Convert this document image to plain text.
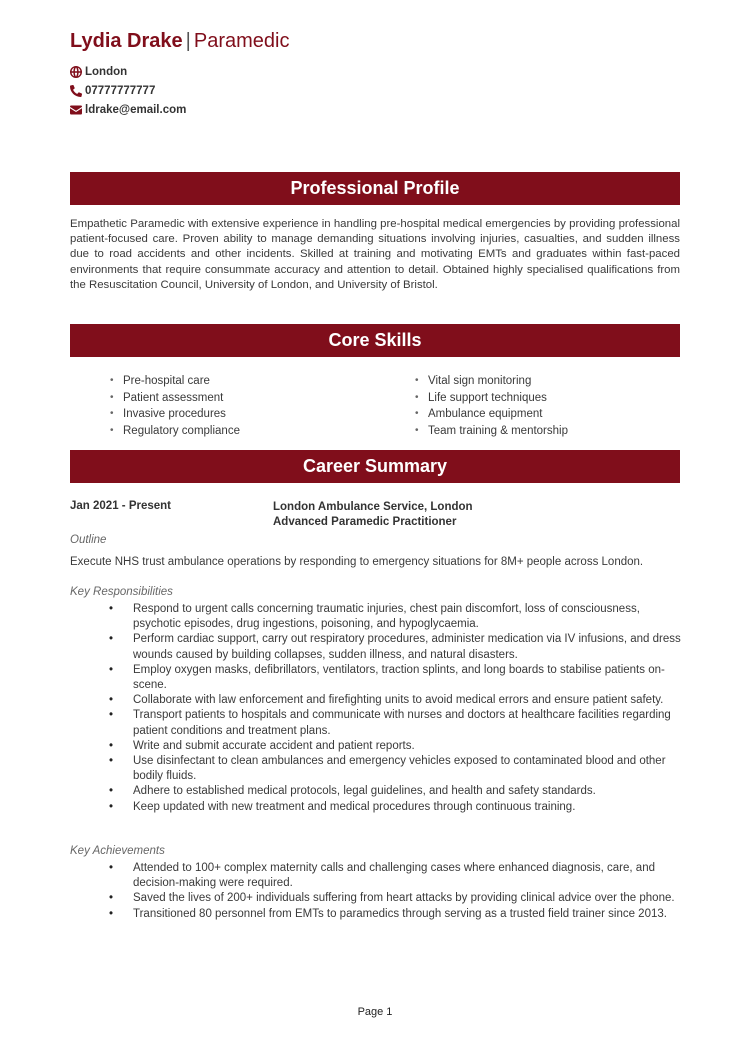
Lydia Drake | Paramedic
London
07777777777
ldrake@email.com
Professional Profile

Empathetic Paramedic with extensive experience in handling pre-hospital medical emergencies by providing professional patient-focused care. Proven ability to manage demanding situations involving injuries, casualties, and sudden illness due to road accidents and other incidents. Skilled at training and motivating EMTs and graduates within fast-paced environments that require consummate accuracy and attention to detail. Obtained highly specialised qualifications from the Resuscitation Council, University of London, and University of Bristol.

Core Skills
• Pre-hospital care
• Patient assessment
• Invasive procedures
• Regulatory compliance
• Vital sign monitoring
• Life support techniques
• Ambulance equipment
• Team training & mentorship
Career Summary
Jan 2021 - Present	London Ambulance Service, London
Advanced Paramedic Practitioner
Outline
Execute NHS trust ambulance operations by responding to emergency situations for 8M+ people across London.
Key Responsibilities
• Respond to urgent calls concerning traumatic injuries, chest pain discomfort, loss of consciousness, psychotic episodes, drug ingestions, poisoning, and hypoglycaemia.
• Perform cardiac support, carry out respiratory procedures, administer medication via IV infusions, and dress wounds caused by building collapses, sudden illness, and natural disasters.
• Employ oxygen masks, defibrillators, ventilators, traction splints, and long boards to stabilise patients on-scene.
• Collaborate with law enforcement and firefighting units to avoid medical errors and ensure patient safety.
• Transport patients to hospitals and communicate with nurses and doctors at healthcare facilities regarding patient conditions and treatment plans.
• Write and submit accurate accident and patient reports.
• Use disinfectant to clean ambulances and emergency vehicles exposed to contaminated blood and other bodily fluids.
• Adhere to established medical protocols, legal guidelines, and health and safety standards.
• Keep updated with new treatment and medical procedures through continuous training.
Key Achievements
• Attended to 100+ complex maternity calls and challenging cases where enhanced diagnosis, care, and decision-making were required.
• Saved the lives of 200+ individuals suffering from heart attacks by providing clinical advice over the phone.
• Transitioned 80 personnel from EMTs to paramedics through serving as a trusted field trainer since 2013.
Page 1
